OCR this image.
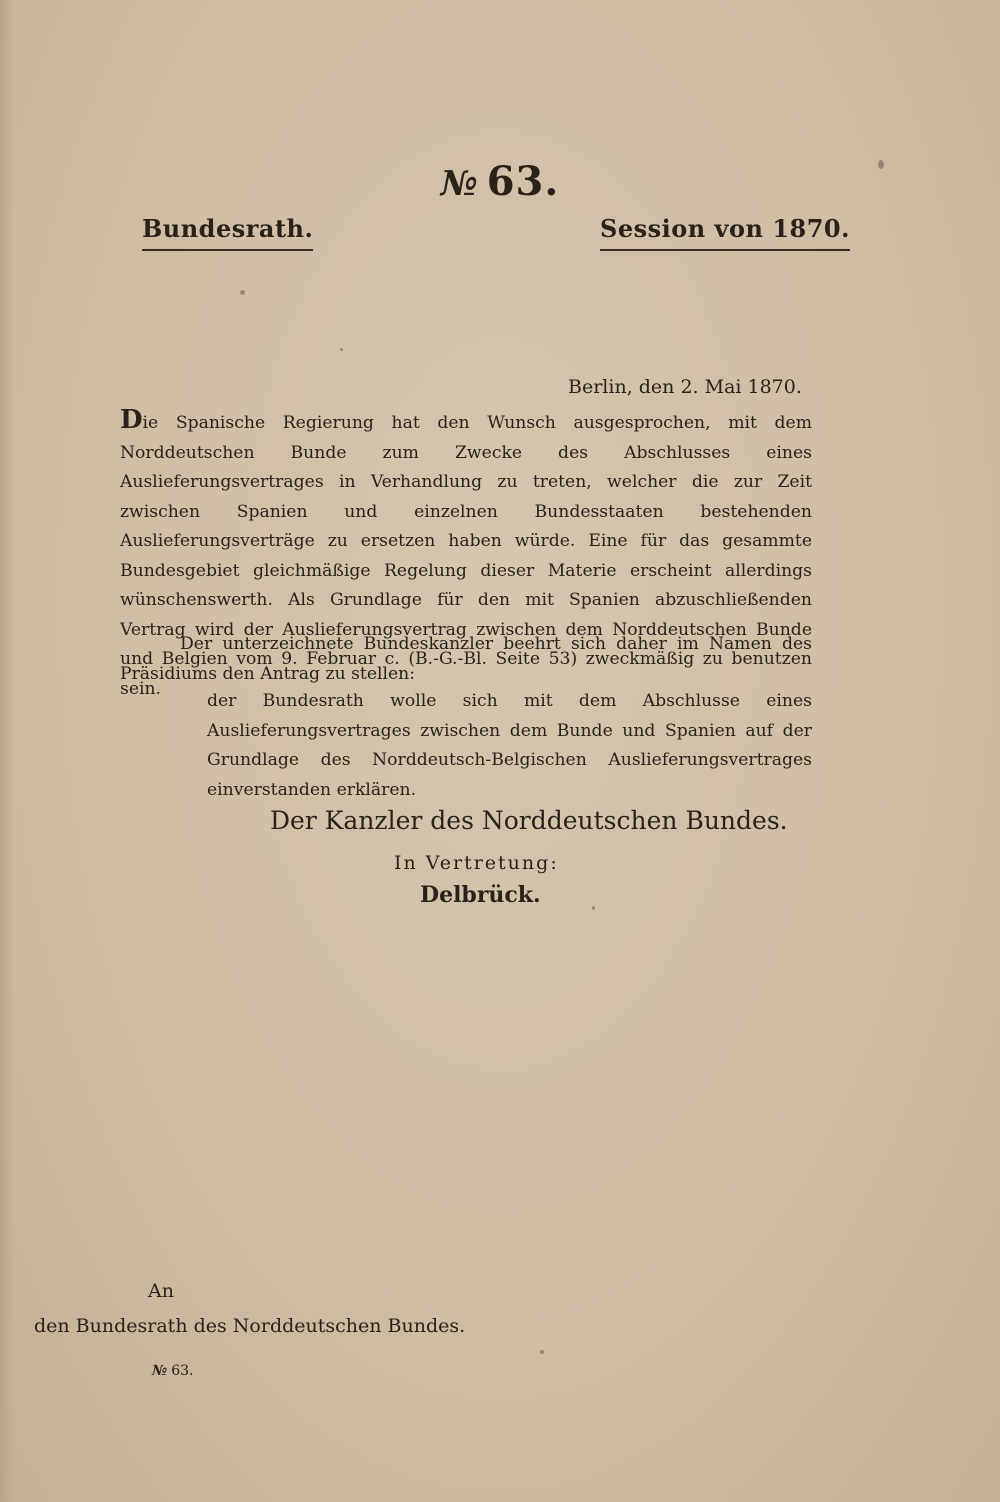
№ 63.
Bundesrath.	Session von 1870.
Berlin, den 2. Mai 1870.
Die Spanische Regierung hat den Wunsch ausgesprochen, mit dem Norddeutschen Bunde zum Zwecke des Abschlusses eines Auslieferungsvertrages in Verhandlung zu treten, welcher die zur Zeit zwischen Spanien und einzelnen Bundesstaaten bestehenden Auslieferungsverträge zu ersetzen haben würde. Eine für das gesammte Bundesgebiet gleichmäßige Regelung dieser Materie erscheint allerdings wünschenswerth. Als Grundlage für den mit Spanien abzuschließenden Vertrag wird der Auslieferungsvertrag zwischen dem Norddeutschen Bunde und Belgien vom 9. Februar c. (B.-G.-Bl. Seite 53) zweckmäßig zu benutzen sein.
Der unterzeichnete Bundeskanzler beehrt sich daher im Namen des Präsidiums den Antrag zu stellen:
der Bundesrath wolle sich mit dem Abschlusse eines Auslieferungsvertrages zwischen dem Bunde und Spanien auf der Grundlage des Norddeutsch-Belgischen Auslieferungsvertrages einverstanden erklären.
Der Kanzler des Norddeutschen Bundes.
In Vertretung:
Delbrück.
An
den Bundesrath des Norddeutschen Bundes.
№ 63.
